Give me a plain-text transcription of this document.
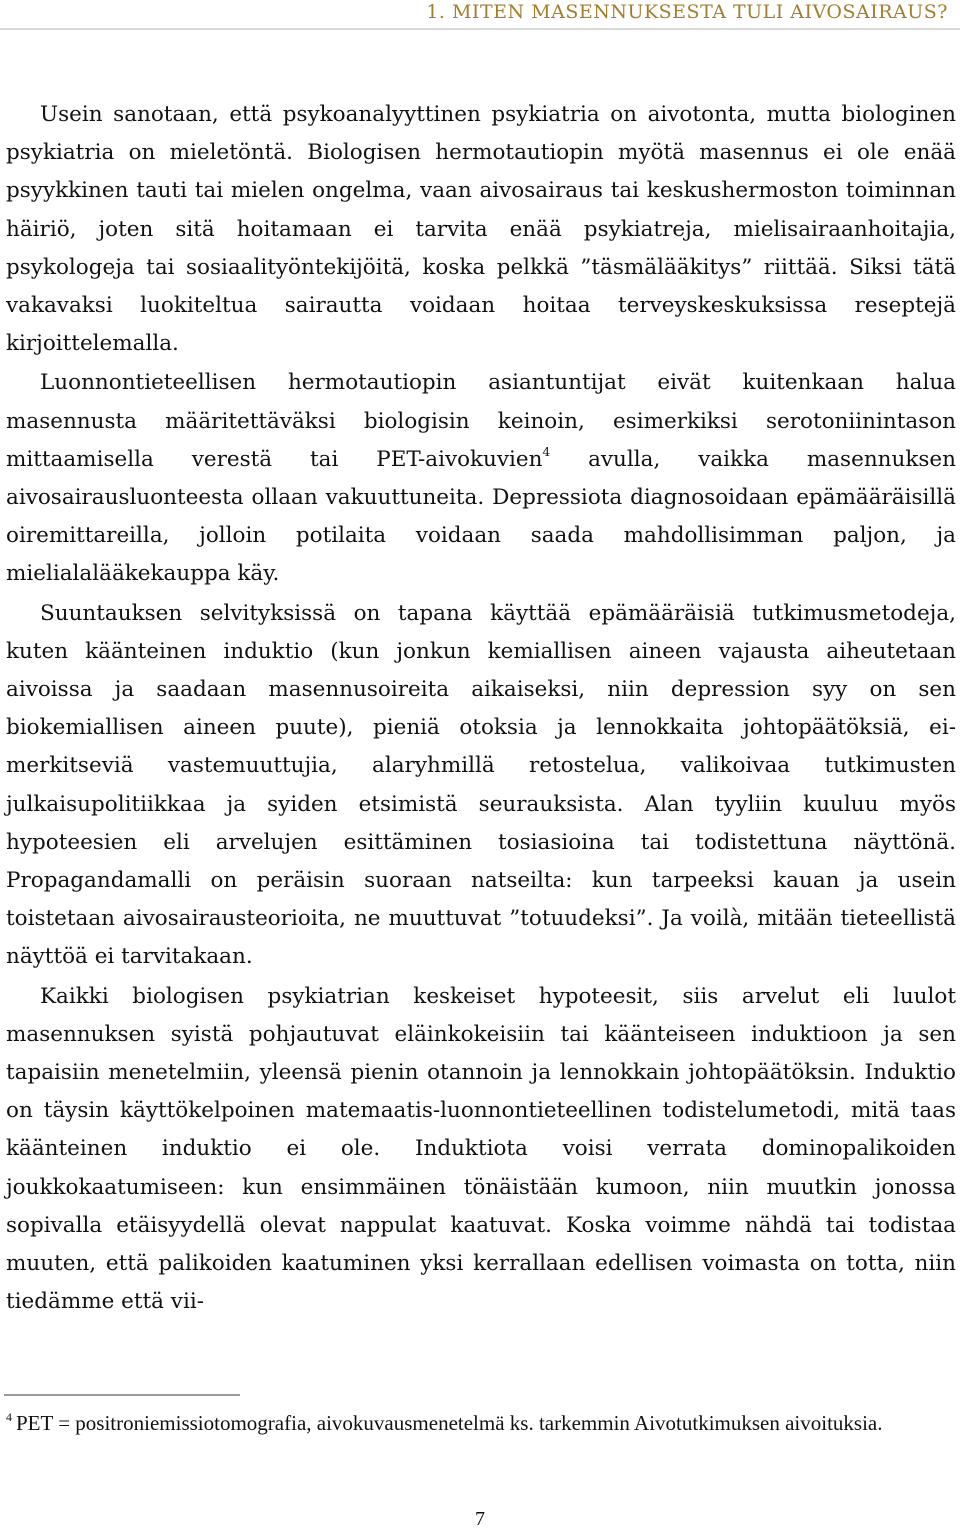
1. MITEN MASENNUKSESTA TULI AIVOSAIRAUS?

Usein sanotaan, että psykoanalyyttinen psykiatria on aivotonta, mutta biologinen psykiatria on mieletöntä. Biologisen hermotautiopin myötä masennus ei ole enää psyykkinen tauti tai mielen ongelma, vaan aivosairaus tai keskushermoston toiminnan häiriö, joten sitä hoitamaan ei tarvita enää psykiatreja, mielisairaanhoitajia, psykologeja tai sosiaalityöntekijöitä, koska pelkkä ”täsmälääkitys” riittää. Siksi tätä vakavaksi luokiteltua sairautta voidaan hoitaa terveyskeskuksissa reseptejä kirjoittelemalla.

Luonnontieteellisen hermotautiopin asiantuntijat eivät kuitenkaan halua masennusta määritettäväksi biologisin keinoin, esimerkiksi serotoniinintason mittaamisella verestä tai PET-aivokuvien$^4$ avulla, vaikka masennuksen aivosairausluonteesta ollaan vakuuttuneita. Depressiota diagnosoidaan epämääräisillä oiremittareilla, jolloin potilaita voidaan saada mahdollisimman paljon, ja mielialalääkekauppa käy.

Suuntauksen selvityksissä on tapana käyttää epämääräisiä tutkimusmetodeja, kuten käänteinen induktio (kun jonkun kemiallisen aineen vajausta aiheutetaan aivoissa ja saadaan masennusoireita aikaiseksi, niin depression syy on sen biokemiallisen aineen puute), pieniä otoksia ja lennokkaita johtopäätöksiä, ei-merkitseviä vastemuuttujia, alaryhmillä retostelua, valikoivaa tutkimusten julkaisupolitiikkaa ja syiden etsimistä seurauksista. Alan tyyliin kuuluu myös hypoteesien eli arvelujen esittäminen tosiasioina tai todistettuna näyttönä. Propagandamalli on peräisin suoraan natseilta: kun tarpeeksi kauan ja usein toistetaan aivosairausteorioita, ne muuttuvat ”totuudeksi”. Ja voilà, mitään tieteellistä näyttöä ei tarvitakaan.

Kaikki biologisen psykiatrian keskeiset hypoteesit, siis arvelut eli luulot masennuksen syistä pohjautuvat eläinkokeisiin tai käänteiseen induktioon ja sen tapaisiin menetelmiin, yleensä pienin otannoin ja lennokkain johtopäätöksin. Induktio on täysin käyttökelpoinen matemaatis-luonnontieteellinen todistelumetodi, mitä taas käänteinen induktio ei ole. Induktiota voisi verrata dominopalikoiden joukkokaatumiseen: kun ensimmäinen tönäistään kumoon, niin muutkin jonossa sopivalla etäisyydellä olevat nappulat kaatuvat. Koska voimme nähdä tai todistaa muuten, että palikoiden kaatuminen yksi kerrallaan edellisen voimasta on totta, niin tiedämme että vii-

$^4$ PET = positroniemissiotomografia, aivokuvausmenetelmä ks. tarkemmin Aivotutkimuksen aivoituksia.
7
